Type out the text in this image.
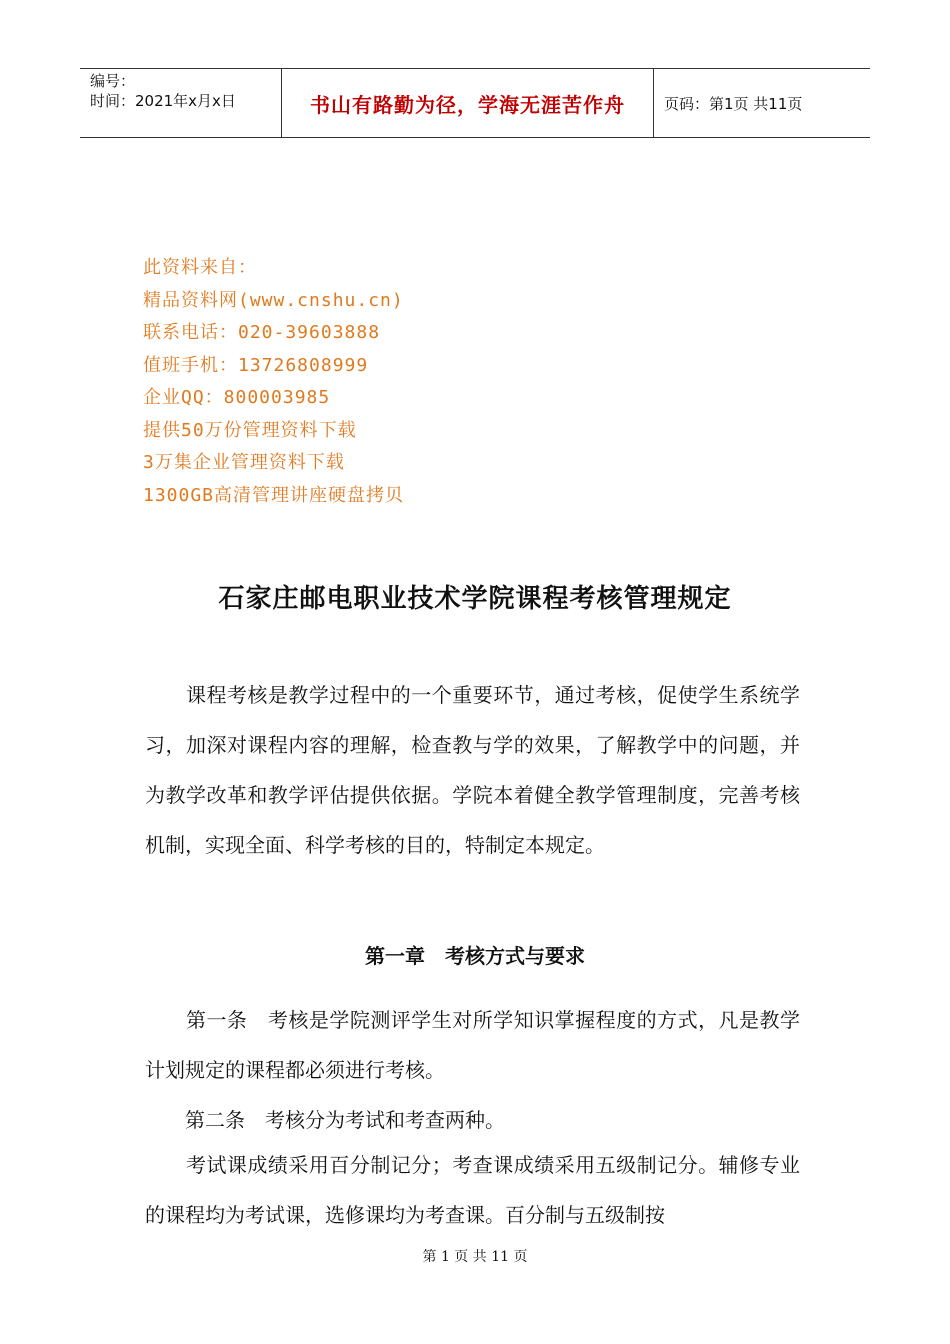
编号：
时间：2021年x月x日	书山有路勤为径，学海无涯苦作舟	页码：第1页 共11页
此资料来自：
精品资料网(www.cnshu.cn)
联系电话：020-39603888
值班手机：13726808999
企业QQ：800003985
提供50万份管理资料下载
3万集企业管理资料下载
1300GB高清管理讲座硬盘拷贝
石家庄邮电职业技术学院课程考核管理规定
　　课程考核是教学过程中的一个重要环节，通过考核，促使学生系统学习，加深对课程内容的理解，检查教与学的效果，了解教学中的问题，并为教学改革和教学评估提供依据。学院本着健全教学管理制度，完善考核机制，实现全面、科学考核的目的，特制定本规定。
第一章　考核方式与要求
　　第一条　考核是学院测评学生对所学知识掌握程度的方式，凡是教学计划规定的课程都必须进行考核。
　　第二条　考核分为考试和考查两种。
　　考试课成绩采用百分制记分；考查课成绩采用五级制记分。辅修专业的课程均为考试课，选修课均为考查课。百分制与五级制按
第 1 页 共 11 页
